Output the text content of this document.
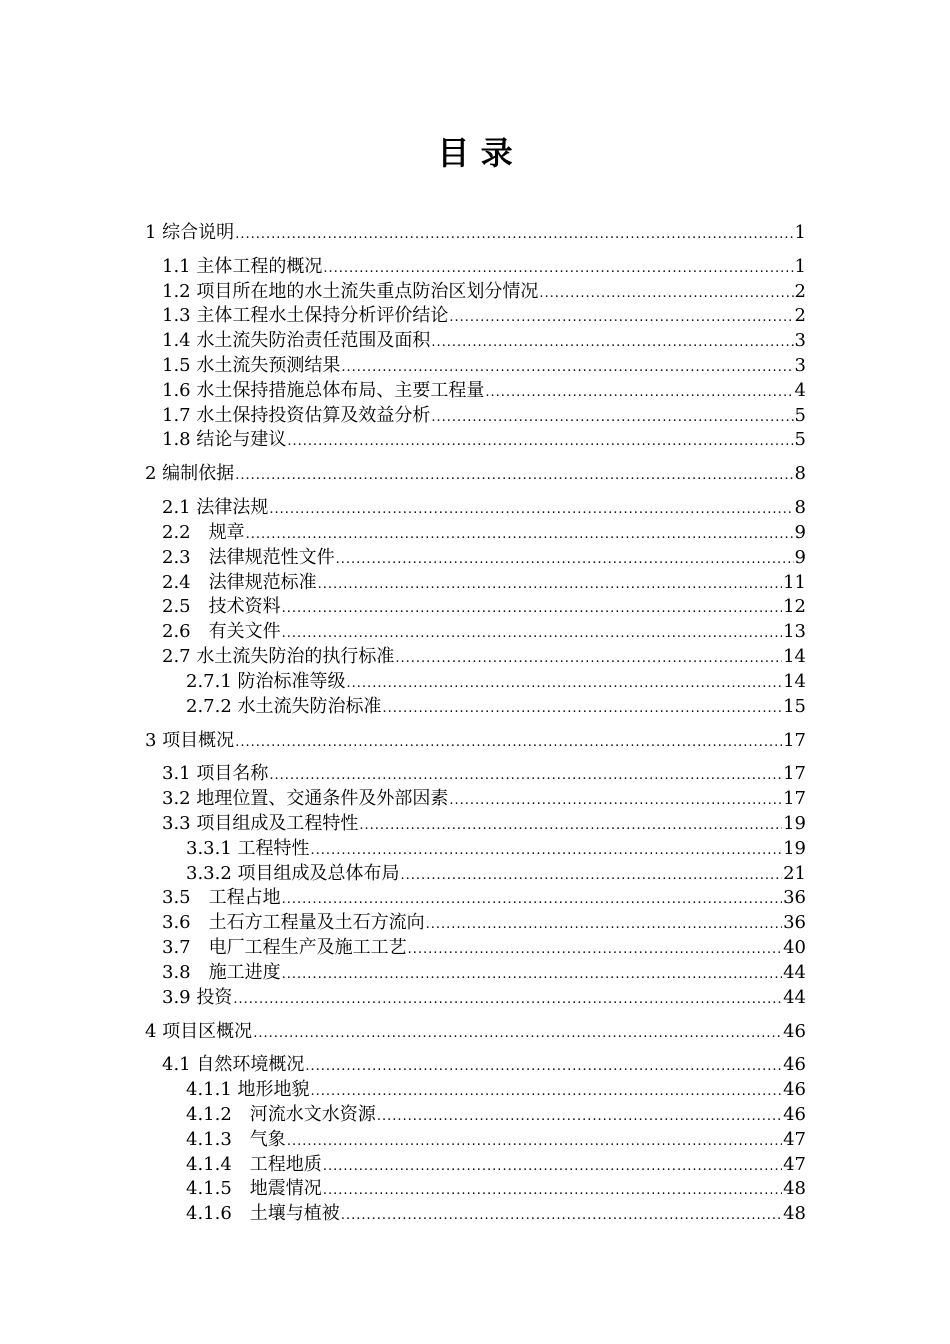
目 录
1 综合说明 .....	1
1.1 主体工程的概况 .....	1
1.2 项目所在地的水土流失重点防治区划分情况 .....	2
1.3 主体工程水土保持分析评价结论 .....	2
1.4 水土流失防治责任范围及面积 .....	3
1.5 水土流失预测结果 .....	3
1.6 水土保持措施总体布局、主要工程量 .....	4
1.7 水土保持投资估算及效益分析 .....	5
1.8 结论与建议 .....	5
2 编制依据 .....	8
2.1 法律法规 .....	8
2.2　规章 .....	9
2.3　法律规范性文件 .....	9
2.4　法律规范标准 .....	11
2.5　技术资料 .....	12
2.6　有关文件 .....	13
2.7 水土流失防治的执行标准 .....	14
2.7.1 防治标准等级 .....	14
2.7.2 水土流失防治标准 .....	15
3 项目概况 .....	17
3.1 项目名称 .....	17
3.2 地理位置、交通条件及外部因素 .....	17
3.3 项目组成及工程特性 .....	19
3.3.1 工程特性 .....	19
3.3.2 项目组成及总体布局 .....	21
3.5　工程占地 .....	36
3.6　土石方工程量及土石方流向 .....	36
3.7　电厂工程生产及施工工艺 .....	40
3.8　施工进度 .....	44
3.9 投资 .....	44
4 项目区概况 .....	46
4.1 自然环境概况 .....	46
4.1.1 地形地貌 .....	46
4.1.2　河流水文水资源 .....	46
4.1.3　气象 .....	47
4.1.4　工程地质 .....	47
4.1.5　地震情况 .....	48
4.1.6　土壤与植被 .....	48
